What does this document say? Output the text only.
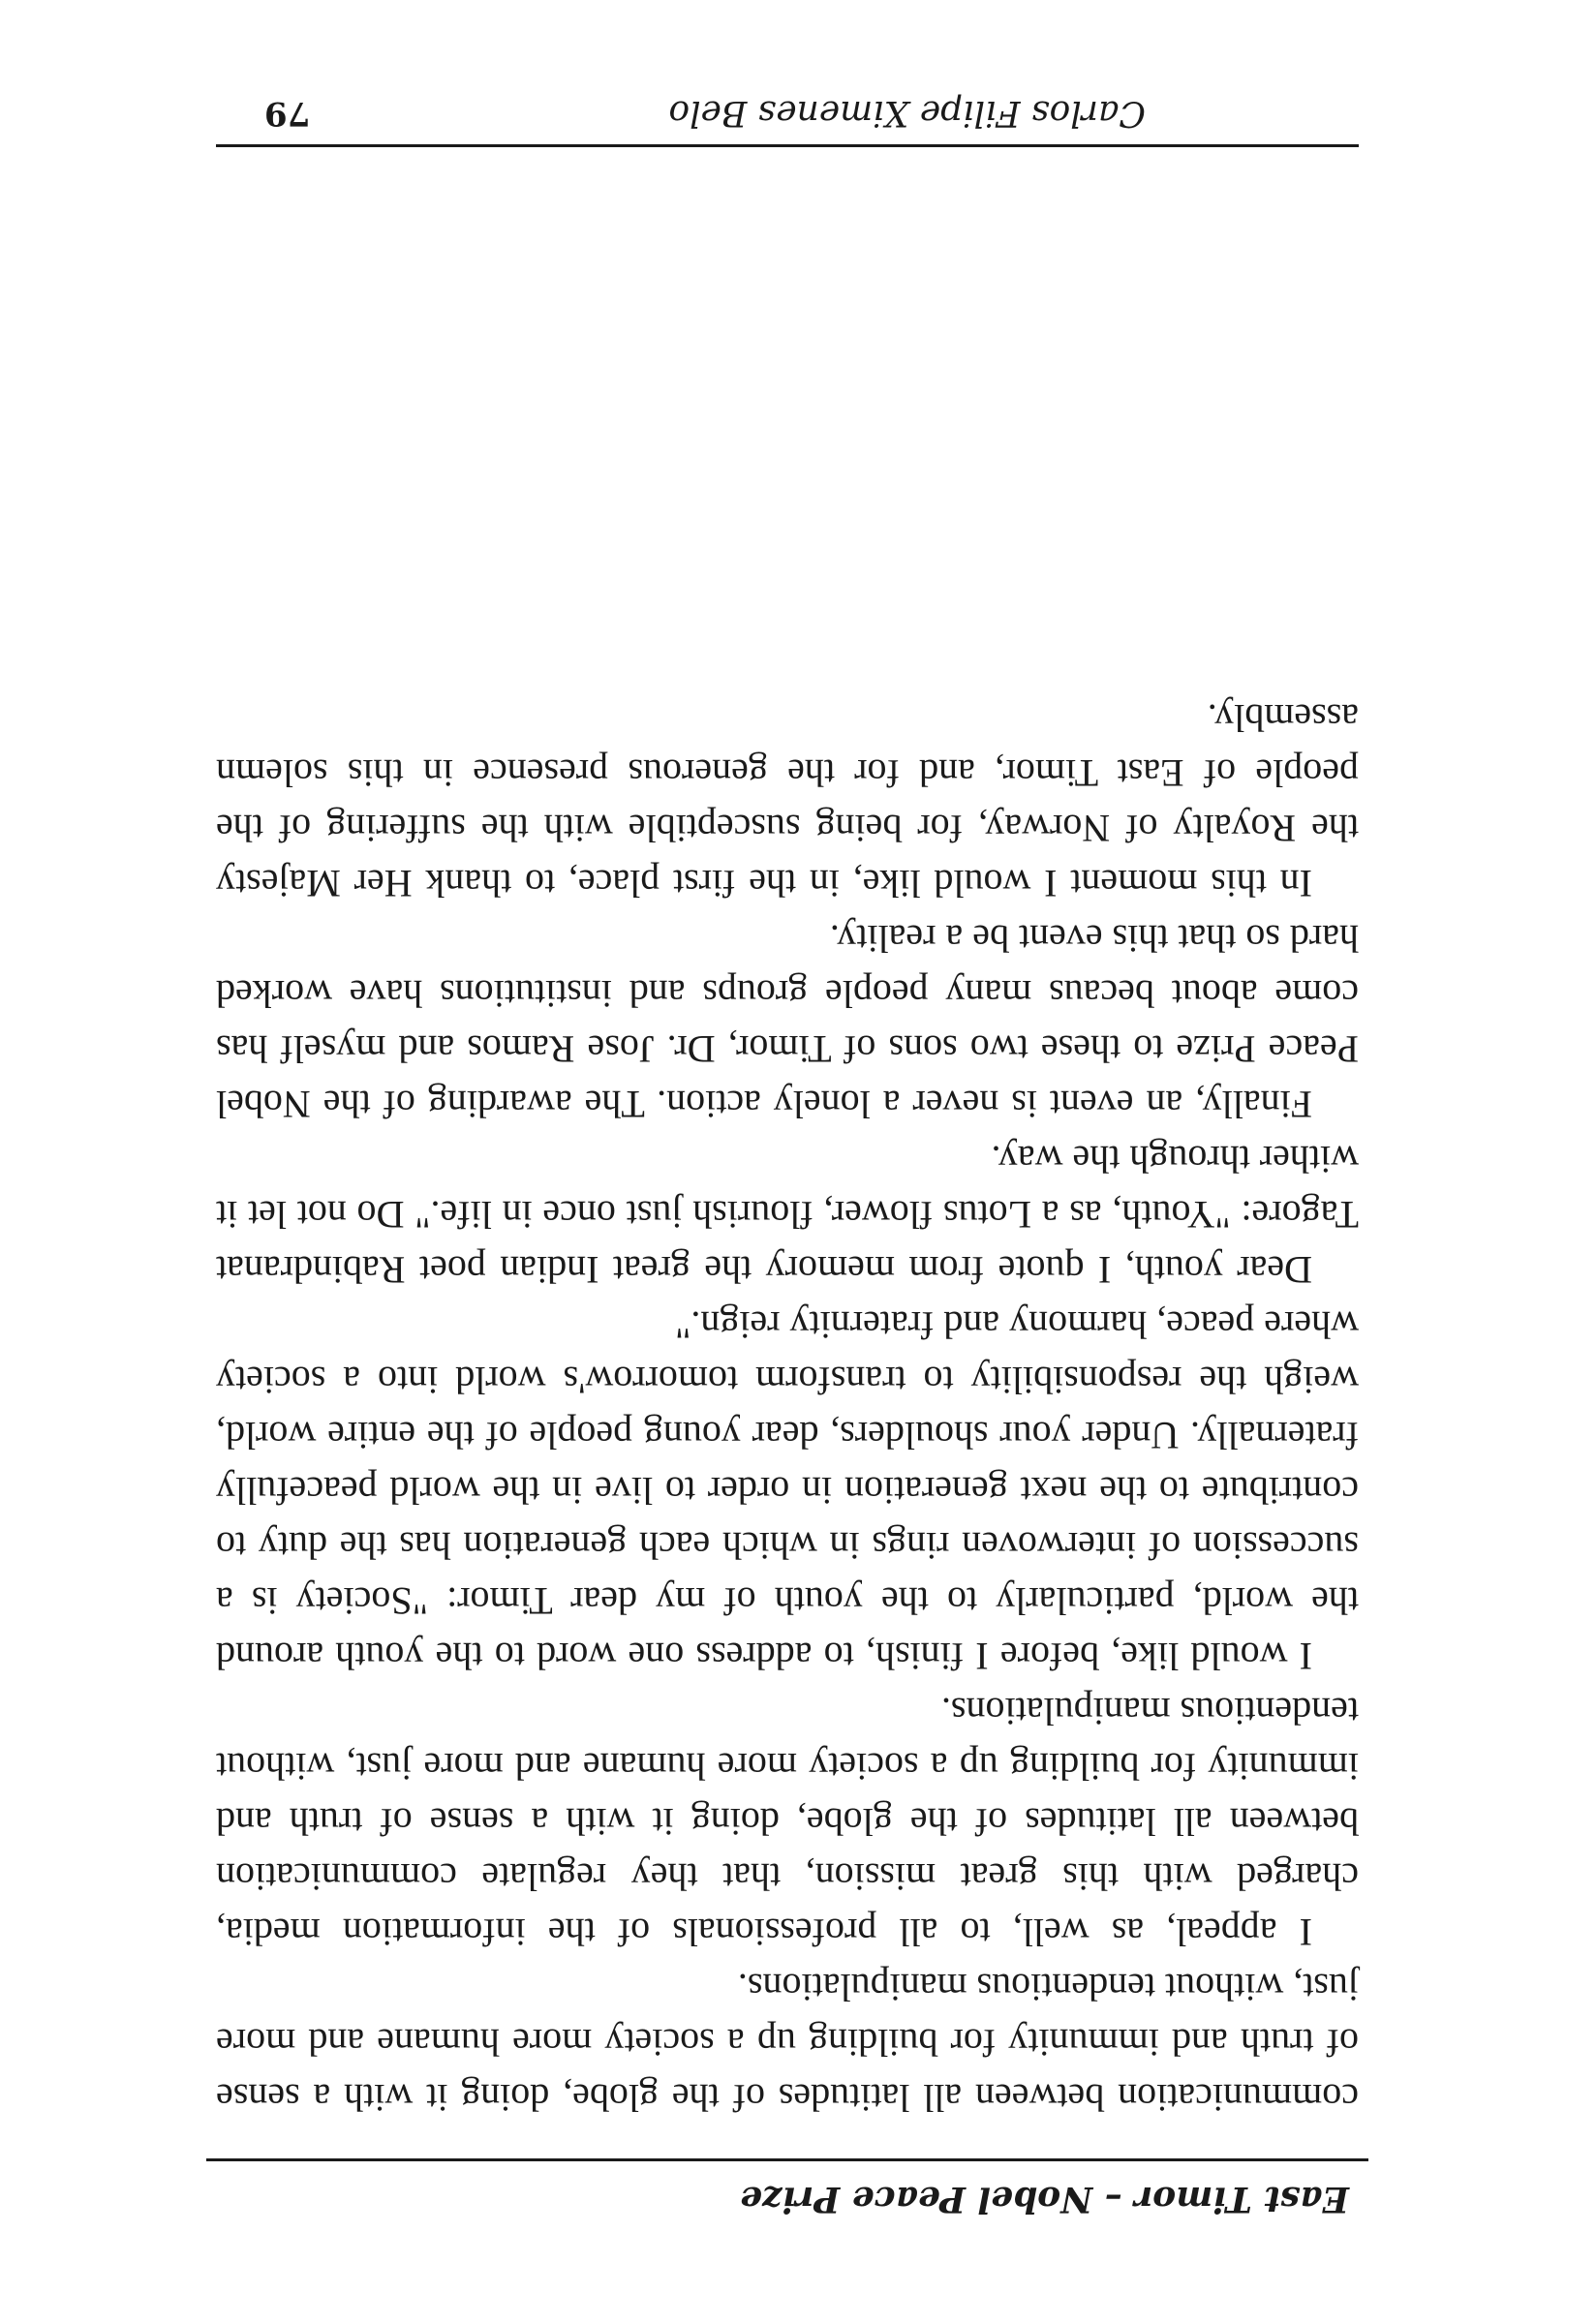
East Timor – Nobel Peace Prize

communication between all latitudes of the globe, doing it with a sense of truth and immunity for building up a society more humane and more just, without tendentious manipulations.

I appeal, as well, to all professionals of the information media, charged with this great mission, that they regulate communication between all latitudes of the globe, doing it with a sense of truth and immunity for building up a society more humane and more just, without tendentious manipulations.

I would like, before I finish, to address one word to the youth around the world, particularly to the youth of my dear Timor: "Society is a succession of interwoven rings in which each generation has the duty to contribute to the next generation in order to live in the world peacefully fraternally. Under your shoulders, dear young people of the entire world, weigh the responsibility to transform tomorrow's world into a society where peace, harmony and fraternity reign."

Dear youth, I quote from memory the great Indian poet Rabindranat Tagore: "Youth, as a Lotus flower, flourish just once in life." Do not let it wither through the way.

Finally, an event is never a lonely action. The awarding of the Nobel Peace Prize to these two sons of Timor, Dr. Jose Ramos and myself has come about becaus many people groups and institutions have worked hard so that this event be a reality.

In this moment I would like, in the first place, to thank Her Majesty the Royalty of Norway, for being susceptible with the suffering of the people of East Timor, and for the generous presence in this solemn assembly.

Carlos Filipe Ximenes Belo
79
